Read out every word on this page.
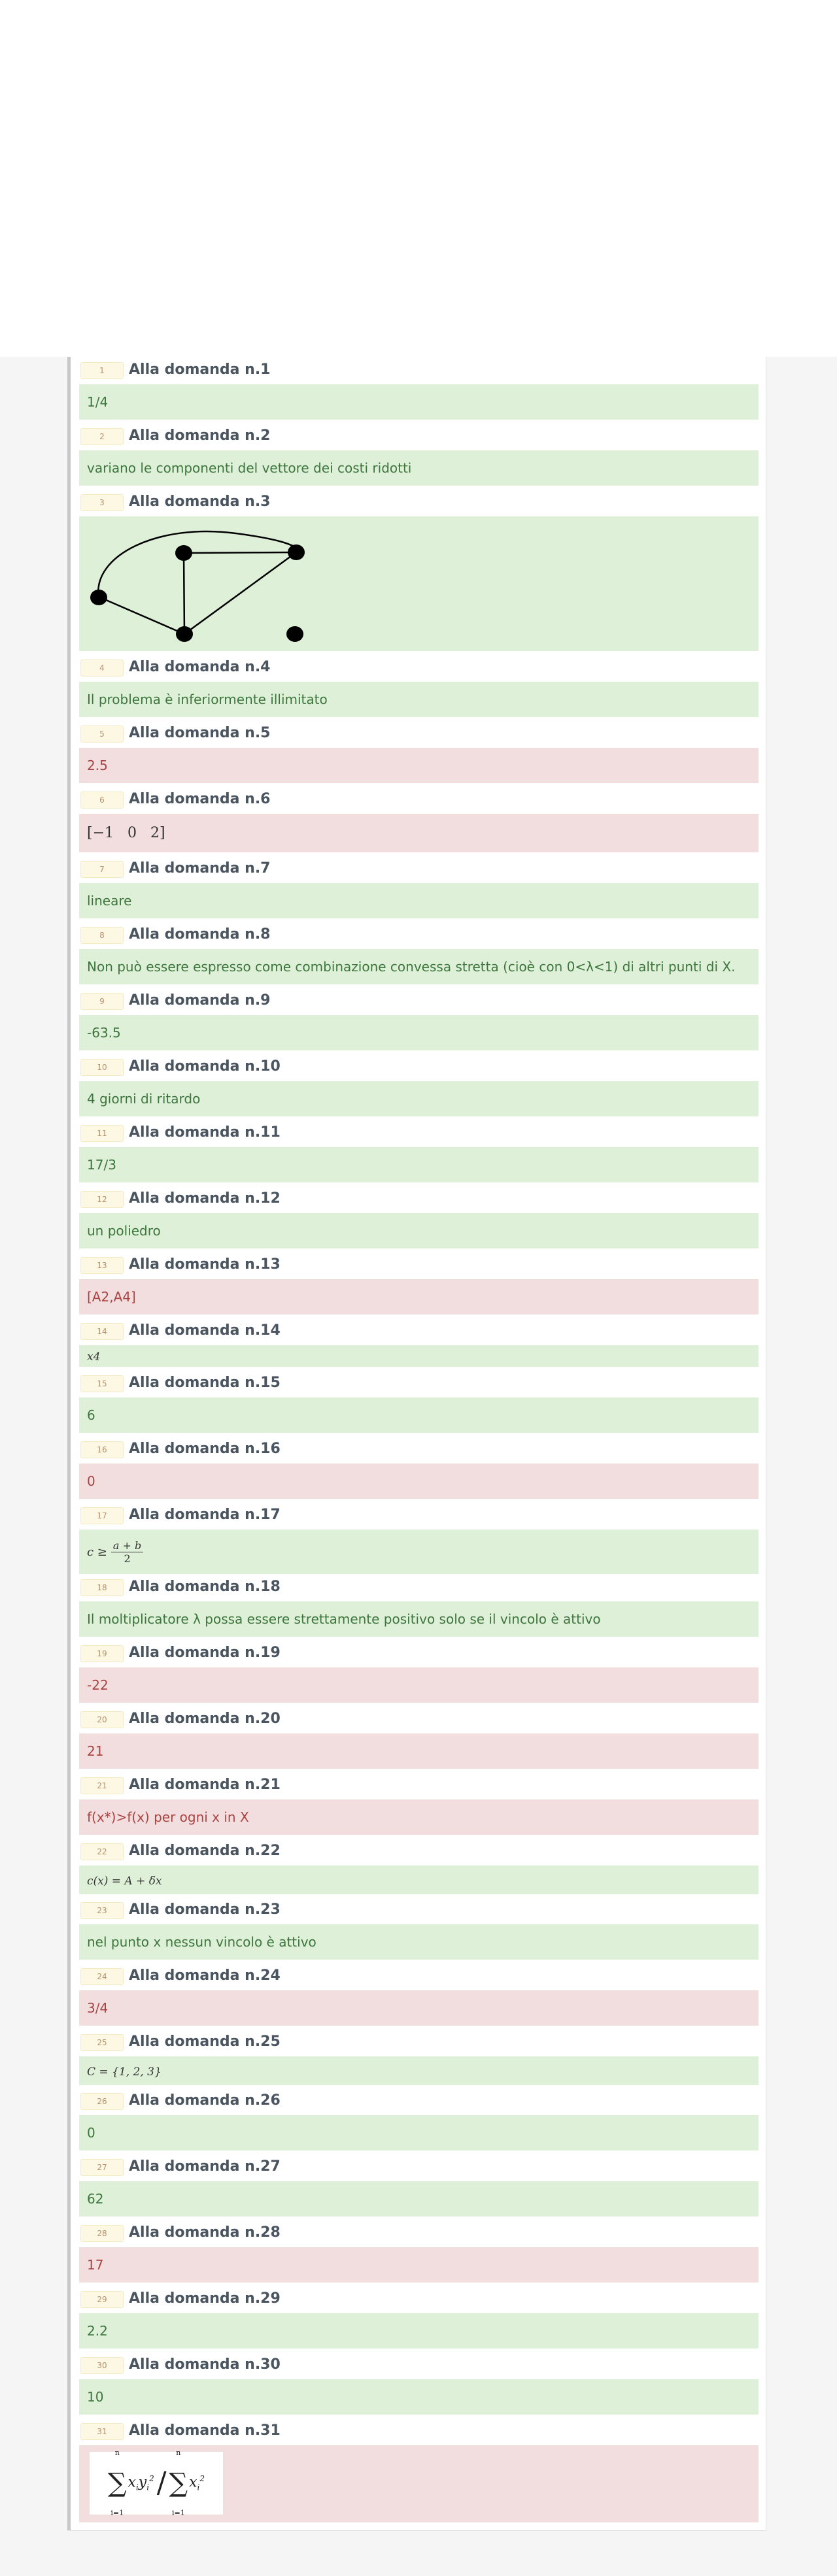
1	Alla domanda n.1
1/4
2	Alla domanda n.2
variano le componenti del vettore dei costi ridotti
3	Alla domanda n.3
4	Alla domanda n.4
Il problema è inferiormente illimitato
5	Alla domanda n.5
2.5
6	Alla domanda n.6
[−1   0   2]
7	Alla domanda n.7
lineare
8	Alla domanda n.8
Non può essere espresso come combinazione convessa stretta (cioè con 0<λ<1) di altri punti di X.
9	Alla domanda n.9
-63.5
10	Alla domanda n.10
4 giorni di ritardo
11	Alla domanda n.11
17/3
12	Alla domanda n.12
un poliedro
13	Alla domanda n.13
[A2,A4]
14	Alla domanda n.14
x4
15	Alla domanda n.15
6
16	Alla domanda n.16
0
17	Alla domanda n.17
$c \ge \frac{a + b}{2}$
18	Alla domanda n.18
Il moltiplicatore λ possa essere strettamente positivo solo se il vincolo è attivo
19	Alla domanda n.19
-22
20	Alla domanda n.20
21
21	Alla domanda n.21
f(x*)>f(x) per ogni x in X
22	Alla domanda n.22
c(x) = A + δx
23	Alla domanda n.23
nel punto x nessun vincolo è attivo
24	Alla domanda n.24
3/4
25	Alla domanda n.25
C = {1, 2, 3}
26	Alla domanda n.26
0
27	Alla domanda n.27
62
28	Alla domanda n.28
17
29	Alla domanda n.29
2.2
30	Alla domanda n.30
10
31	Alla domanda n.31
n
∑
i=1
$x_iy_i^2$ /
n
∑
i=1
$x_i^2$
